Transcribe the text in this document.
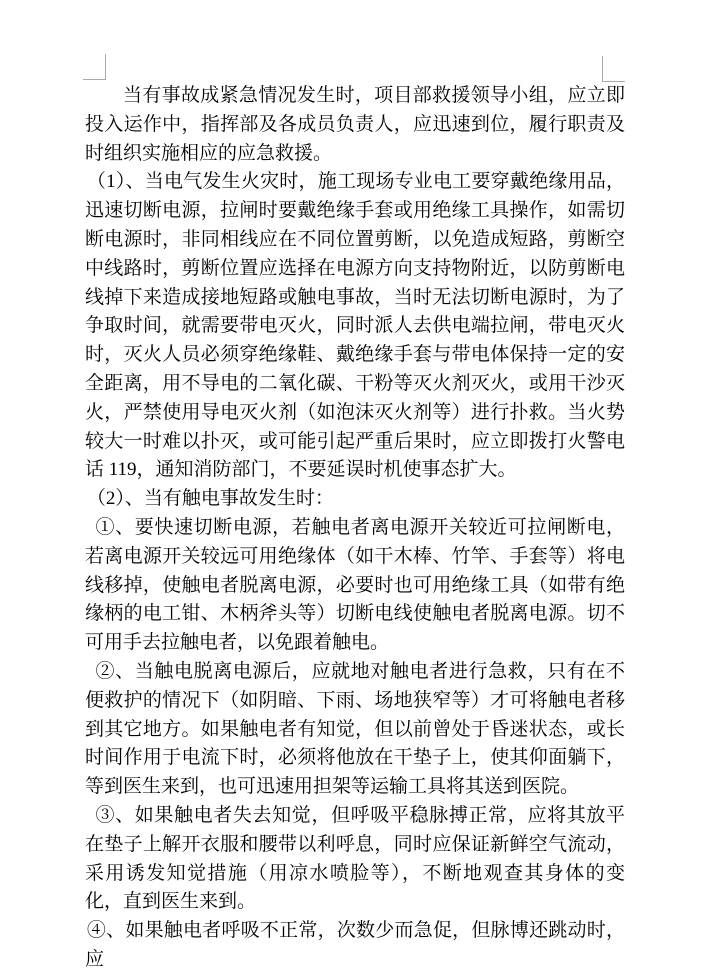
当有事故成紧急情况发生时，项目部救援领导小组，应立即投入运作中，指挥部及各成员负责人，应迅速到位，履行职责及时组织实施相应的应急救援。

（1）、当电气发生火灾时，施工现场专业电工要穿戴绝缘用品，迅速切断电源，拉闸时要戴绝缘手套或用绝缘工具操作，如需切断电源时，非同相线应在不同位置剪断，以免造成短路，剪断空中线路时，剪断位置应选择在电源方向支持物附近，以防剪断电线掉下来造成接地短路或触电事故，当时无法切断电源时，为了争取时间，就需要带电灭火，同时派人去供电端拉闸，带电灭火时，灭火人员必须穿绝缘鞋、戴绝缘手套与带电体保持一定的安全距离，用不导电的二氧化碳、干粉等灭火剂灭火，或用干沙灭火，严禁使用导电灭火剂（如泡沫灭火剂等）进行扑救。当火势较大一时难以扑灭，或可能引起严重后果时，应立即拨打火警电话 119，通知消防部门，不要延误时机使事态扩大。

（2）、当有触电事故发生时：

①、要快速切断电源，若触电者离电源开关较近可拉闸断电，若离电源开关较远可用绝缘体（如干木棒、竹竿、手套等）将电线移掉，使触电者脱离电源，必要时也可用绝缘工具（如带有绝缘柄的电工钳、木柄斧头等）切断电线使触电者脱离电源。切不可用手去拉触电者，以免跟着触电。

②、当触电脱离电源后，应就地对触电者进行急救，只有在不便救护的情况下（如阴暗、下雨、场地狭窄等）才可将触电者移到其它地方。如果触电者有知觉，但以前曾处于昏迷状态，或长时间作用于电流下时，必须将他放在干垫子上，使其仰面躺下，等到医生来到，也可迅速用担架等运输工具将其送到医院。

③、如果触电者失去知觉，但呼吸平稳脉搏正常，应将其放平在垫子上解开衣服和腰带以利呼息，同时应保证新鲜空气流动，采用诱发知觉措施（用凉水喷脸等），不断地观查其身体的变化，直到医生来到。

④、如果触电者呼吸不正常，次数少而急促，但脉博还跳动时，应
